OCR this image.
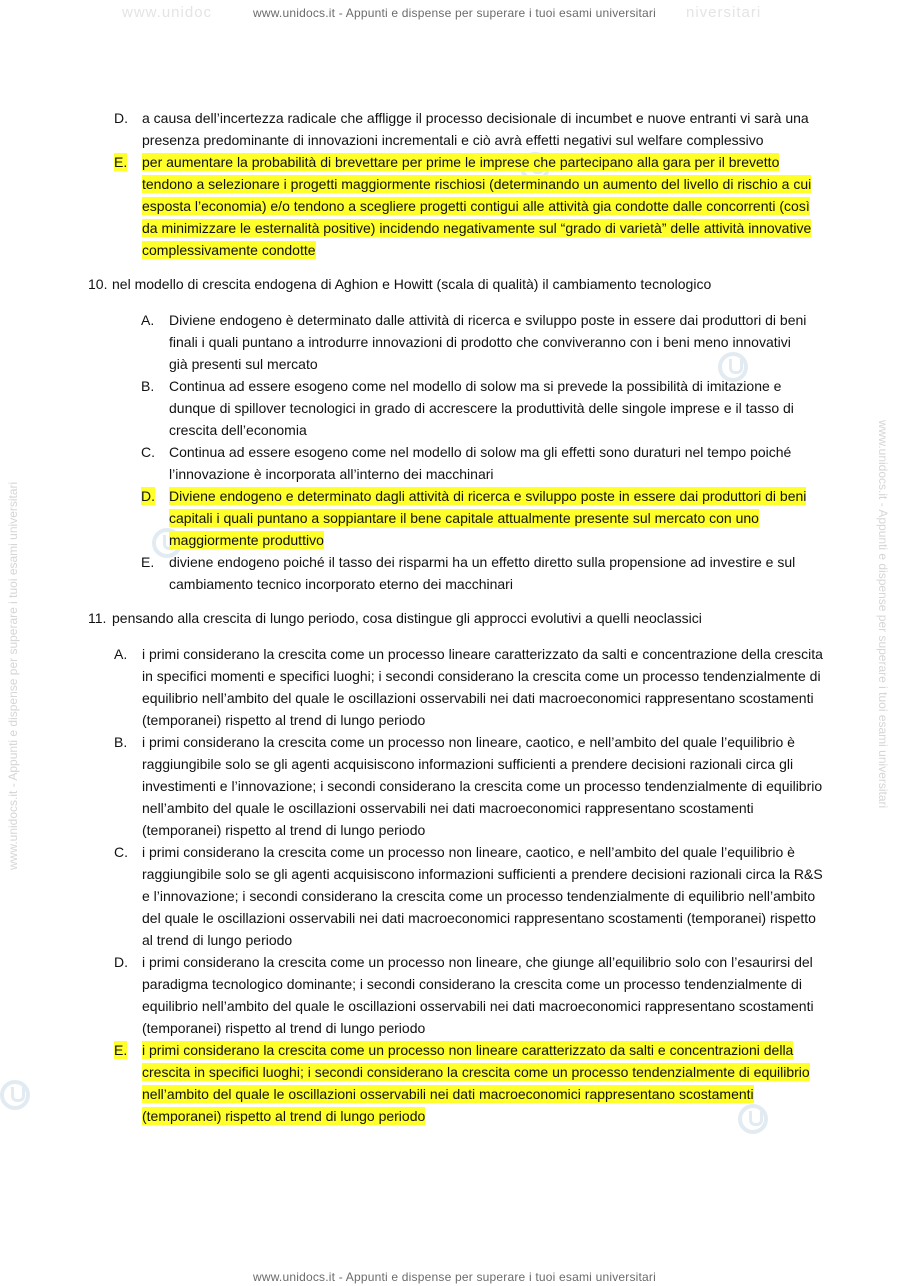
www.unidoc	www.unidocs.it - Appunti e dispense per superare i tuoi esami universitari niversitari
www.unidocs.it - Appunti e dispense per superare i tuoi esami universitari
www.unidocs.it - Appunti e dispense per superare i tuoi esami universitari	www.unidocs.it - Appunti e dispense per superare i tuoi esami universitari
D. a causa dell’incertezza radicale che affligge il processo decisionale di incumbet e nuove entranti vi sarà una presenza predominante di innovazioni incrementali e ciò avrà effetti negativi sul welfare complessivo
E. per aumentare la probabilità di brevettare per prime le imprese che partecipano alla gara per il brevetto tendono a selezionare i progetti maggiormente rischiosi (determinando un aumento del livello di rischio a cui esposta l’economia) e/o tendono a scegliere progetti contigui alle attività gia condotte dalle concorrenti (così da minimizzare le esternalità positive) incidendo negativamente sul “grado di varietà” delle attività innovative complessivamente condotte
10. nel modello di crescita endogena di Aghion e Howitt (scala di qualità) il cambiamento tecnologico
A. Diviene endogeno è determinato dalle attività di ricerca e sviluppo poste in essere dai produttori di beni finali i quali puntano a introdurre innovazioni di prodotto che conviveranno con i beni meno innovativi già presenti sul mercato
B. Continua ad essere esogeno come nel modello di solow ma si prevede la possibilità di imitazione e dunque di spillover tecnologici in grado di accrescere la produttività delle singole imprese e il tasso di crescita dell’economia
C. Continua ad essere esogeno come nel modello di solow ma gli effetti sono duraturi nel tempo poiché l’innovazione è incorporata all’interno dei macchinari
D. Diviene endogeno e determinato dagli attività di ricerca e sviluppo poste in essere dai produttori di beni capitali i quali puntano a soppiantare il bene capitale attualmente presente sul mercato con uno maggiormente produttivo
E. diviene endogeno poiché il tasso dei risparmi ha un effetto diretto sulla propensione ad investire e sul cambiamento tecnico incorporato eterno dei macchinari
11. pensando alla crescita di lungo periodo, cosa distingue gli approcci evolutivi a quelli neoclassici
A. i primi considerano la crescita come un processo lineare caratterizzato da salti e concentrazione della crescita in specifici momenti e specifici luoghi; i secondi considerano la crescita come un processo tendenzialmente di equilibrio nell’ambito del quale le oscillazioni osservabili nei dati macroeconomici rappresentano scostamenti (temporanei) rispetto al trend di lungo periodo
B. i primi considerano la crescita come un processo non lineare, caotico, e nell’ambito del quale l’equilibrio è raggiungibile solo se gli agenti acquisiscono informazioni sufficienti a prendere decisioni razionali circa gli investimenti e l’innovazione; i secondi considerano la crescita come un processo tendenzialmente di equilibrio nell’ambito del quale le oscillazioni osservabili nei dati macroeconomici rappresentano scostamenti (temporanei) rispetto al trend di lungo periodo
C. i primi considerano la crescita come un processo non lineare, caotico, e nell’ambito del quale l’equilibrio è raggiungibile solo se gli agenti acquisiscono informazioni sufficienti a prendere decisioni razionali circa la R&S e l’innovazione; i secondi considerano la crescita come un processo tendenzialmente di equilibrio nell’ambito del quale le oscillazioni osservabili nei dati macroeconomici rappresentano scostamenti (temporanei) rispetto al trend di lungo periodo
D. i primi considerano la crescita come un processo non lineare, che giunge all’equilibrio solo con l’esaurirsi del paradigma tecnologico dominante; i secondi considerano la crescita come un processo tendenzialmente di equilibrio nell’ambito del quale le oscillazioni osservabili nei dati macroeconomici rappresentano scostamenti (temporanei) rispetto al trend di lungo periodo
E. i primi considerano la crescita come un processo non lineare caratterizzato da salti e concentrazioni della crescita in specifici luoghi; i secondi considerano la crescita come un processo tendenzialmente di equilibrio nell’ambito del quale le oscillazioni osservabili nei dati macroeconomici rappresentano scostamenti (temporanei) rispetto al trend di lungo periodo
